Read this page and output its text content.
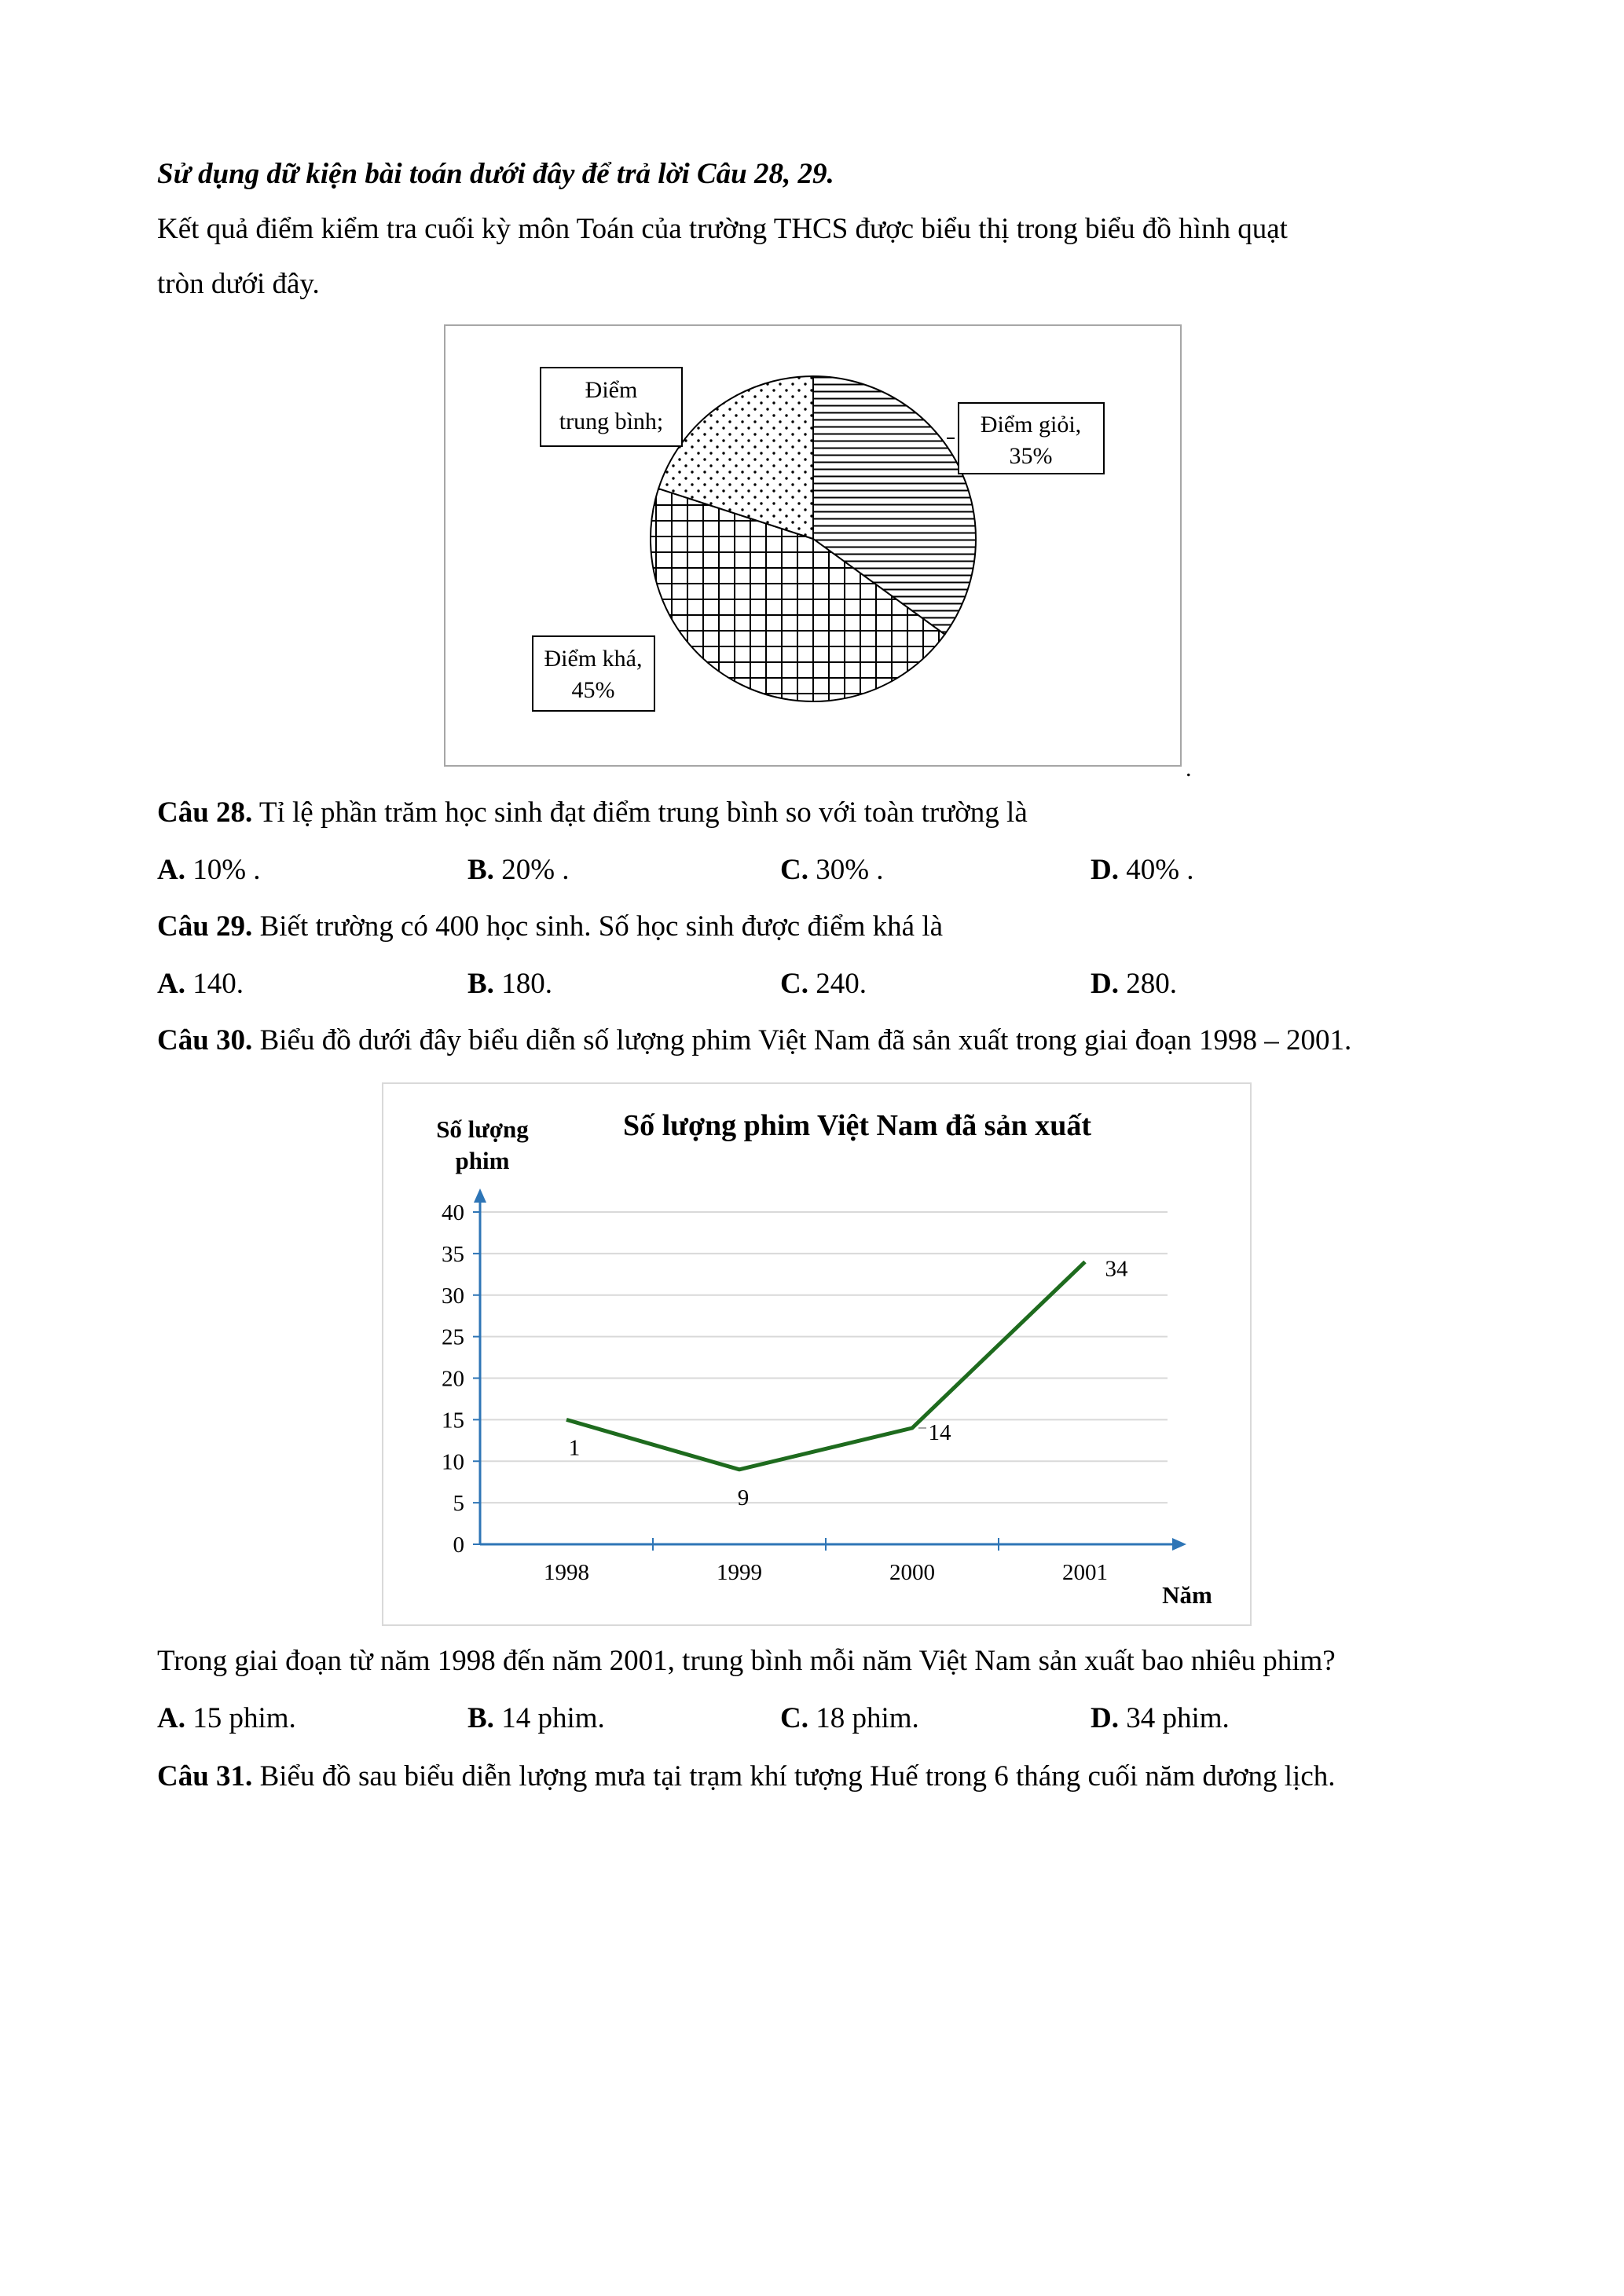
Sử dụng dữ kiện bài toán dưới đây để trả lời Câu 28, 29.
Kết quả điểm kiểm tra cuối kỳ môn Toán của trường THCS được biểu thị trong biểu đồ hình quạt
tròn dưới đây.
Điểm
trung bình;	Điểm giỏi,
35%
Điểm khá,
45%
.
Câu 28. Tỉ lệ phần trăm học sinh đạt điểm trung bình so với toàn trường là
A. 10% .	B. 20% .	C. 30% .	D. 40% .
Câu 29. Biết trường có 400 học sinh. Số học sinh được điểm khá là
A. 140.	B. 180.	C. 240.	D. 280.
Câu 30. Biểu đồ dưới đây biểu diễn số lượng phim Việt Nam đã sản xuất trong giai đoạn 1998 – 2001.
Số lượng phim Việt Nam đã sản xuất
Số lượng
phim
Năm
0
5
10
15
20
25
30
35
40
1998	1999	2000	2001
1
9
14
34
Trong giai đoạn từ năm 1998 đến năm 2001, trung bình mỗi năm Việt Nam sản xuất bao nhiêu phim?
A. 15 phim.	B. 14 phim.	C. 18 phim.	D. 34 phim.
Câu 31. Biểu đồ sau biểu diễn lượng mưa tại trạm khí tượng Huế trong 6 tháng cuối năm dương lịch.
